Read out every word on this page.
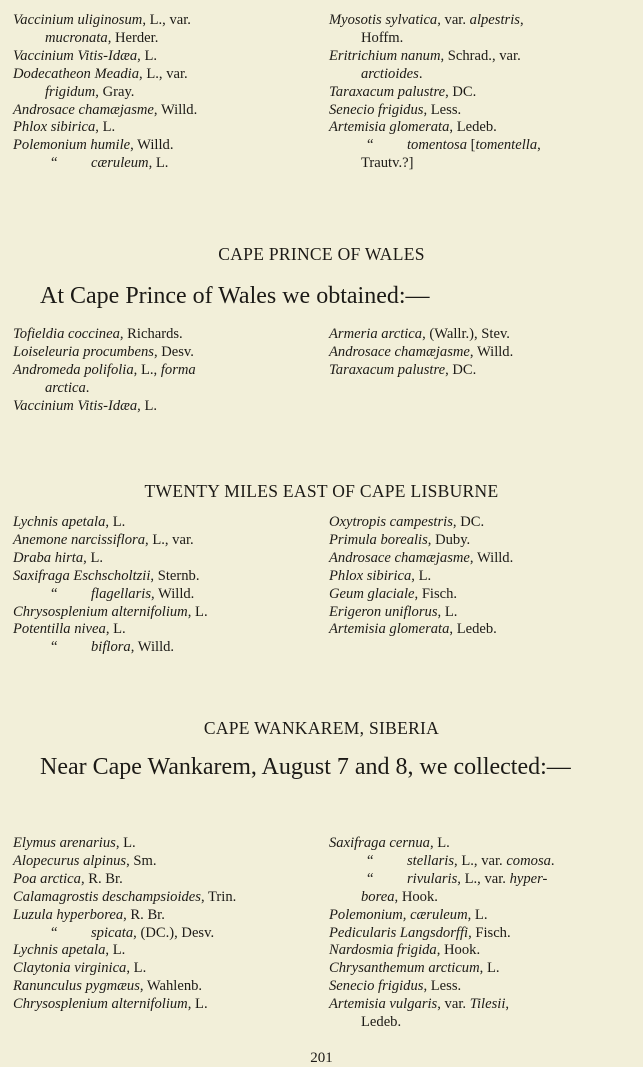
Vaccinium uliginosum, L., var.
mucronata, Herder.
Vaccinium Vitis-Idæa, L.
Dodecatheon Meadia, L., var.
frigidum, Gray.
Androsace chamæjasme, Willd.
Phlox sibirica, L.
Polemonium humile, Willd.
“ cæruleum, L.
Myosotis sylvatica, var. alpestris,
Hoffm.
Eritrichium nanum, Schrad., var.
arctioides.
Taraxacum palustre, DC.
Senecio frigidus, Less.
Artemisia glomerata, Ledeb.
“ tomentosa [tomentella,
Trautv.?]
CAPE PRINCE OF WALES
At Cape Prince of Wales we obtained:—
Tofieldia coccinea, Richards.
Loiseleuria procumbens, Desv.
Andromeda polifolia, L., forma
arctica.
Vaccinium Vitis-Idæa, L.
Armeria arctica, (Wallr.), Stev.
Androsace chamæjasme, Willd.
Taraxacum palustre, DC.
TWENTY MILES EAST OF CAPE LISBURNE
Lychnis apetala, L.
Anemone narcissiflora, L., var.
Draba hirta, L.
Saxifraga Eschscholtzii, Sternb.
“ flagellaris, Willd.
Chrysosplenium alternifolium, L.
Potentilla nivea, L.
“ biflora, Willd.
Oxytropis campestris, DC.
Primula borealis, Duby.
Androsace chamæjasme, Willd.
Phlox sibirica, L.
Geum glaciale, Fisch.
Erigeron uniflorus, L.
Artemisia glomerata, Ledeb.
CAPE WANKAREM, SIBERIA
Near Cape Wankarem, August 7 and 8, we collected:—
Elymus arenarius, L.
Alopecurus alpinus, Sm.
Poa arctica, R. Br.
Calamagrostis deschampsioides, Trin.
Luzula hyperborea, R. Br.
“ spicata, (DC.), Desv.
Lychnis apetala, L.
Claytonia virginica, L.
Ranunculus pygmæus, Wahlenb.
Chrysosplenium alternifolium, L.
Saxifraga cernua, L.
“ stellaris, L., var. comosa.
“ rivularis, L., var. hyper-
borea, Hook.
Polemonium, cæruleum, L.
Pedicularis Langsdorffi, Fisch.
Nardosmia frigida, Hook.
Chrysanthemum arcticum, L.
Senecio frigidus, Less.
Artemisia vulgaris, var. Tilesii,
Ledeb.
201
